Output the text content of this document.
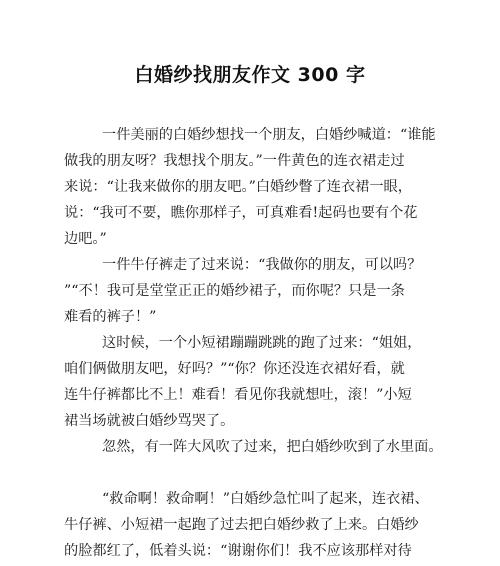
白婚纱找朋友作文 300 字
一件美丽的白婚纱想找一个朋友，白婚纱喊道：“谁能
做我的朋友呀？我想找个朋友。”一件黄色的连衣裙走过
来说：“让我来做你的朋友吧。”白婚纱瞥了连衣裙一眼，
说：“我可不要，瞧你那样子，可真难看!起码也要有个花
边吧。”
一件牛仔裤走了过来说：“我做你的朋友，可以吗？
”“不！我可是堂堂正正的婚纱裙子，而你呢？只是一条
难看的裤子！”
这时候，一个小短裙蹦蹦跳跳的跑了过来：“姐姐，
咱们俩做朋友吧，好吗？”“你？你还没连衣裙好看，就
连牛仔裤都比不上！难看！看见你我就想吐，滚！”小短
裙当场就被白婚纱骂哭了。
忽然，有一阵大风吹了过来，把白婚纱吹到了水里面。
“救命啊！救命啊！”白婚纱急忙叫了起来，连衣裙、
牛仔裤、小短裙一起跑了过去把白婚纱救了上来。白婚纱
的脸都红了，低着头说：“谢谢你们！我不应该那样对待
